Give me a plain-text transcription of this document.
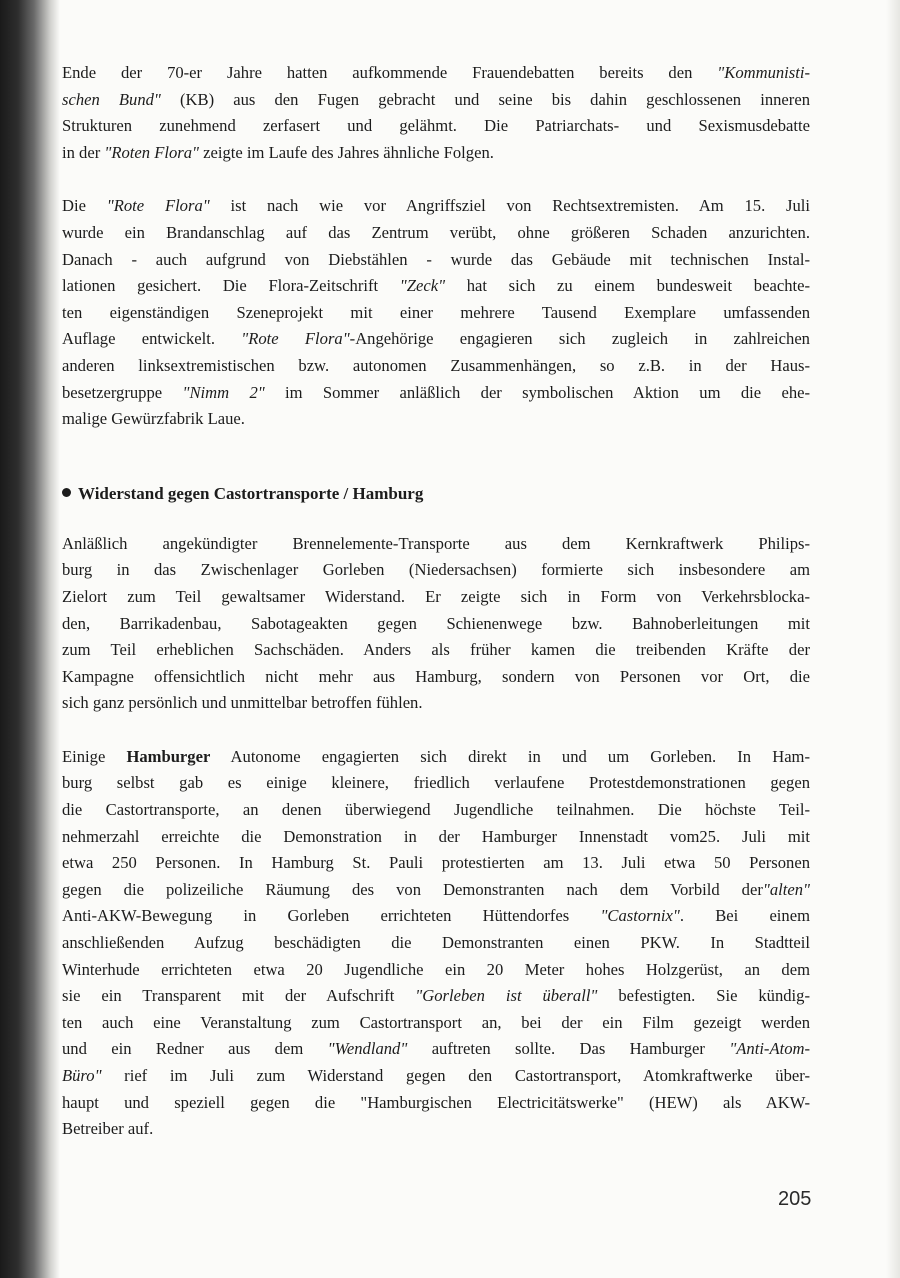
Ende der 70-er Jahre hatten aufkommende Frauendebatten bereits den "Kommunisti-
schen Bund" (KB) aus den Fugen gebracht und seine bis dahin geschlossenen inneren
Strukturen zunehmend zerfasert und gelähmt. Die Patriarchats- und Sexismusdebatte
in der "Roten Flora" zeigte im Laufe des Jahres ähnliche Folgen.
Die "Rote Flora" ist nach wie vor Angriffsziel von Rechtsextremisten. Am 15. Juli
wurde ein Brandanschlag auf das Zentrum verübt, ohne größeren Schaden anzurichten.
Danach - auch aufgrund von Diebstählen - wurde das Gebäude mit technischen Instal-
lationen gesichert. Die Flora-Zeitschrift "Zeck" hat sich zu einem bundesweit beachte-
ten eigenständigen Szeneprojekt mit einer mehrere Tausend Exemplare umfassenden
Auflage entwickelt. "Rote Flora"-Angehörige engagieren sich zugleich in zahlreichen
anderen linksextremistischen bzw. autonomen Zusammenhängen, so z.B. in der Haus-
besetzergruppe "Nimm 2" im Sommer anläßlich der symbolischen Aktion um die ehe-
malige Gewürzfabrik Laue.
Widerstand gegen Castortransporte / Hamburg
Anläßlich angekündigter Brennelemente-Transporte aus dem Kernkraftwerk Philips-
burg in das Zwischenlager Gorleben (Niedersachsen) formierte sich insbesondere am
Zielort zum Teil gewaltsamer Widerstand. Er zeigte sich in Form von Verkehrsblocka-
den, Barrikadenbau, Sabotageakten gegen Schienenwege bzw. Bahnoberleitungen mit
zum Teil erheblichen Sachschäden. Anders als früher kamen die treibenden Kräfte der
Kampagne offensichtlich nicht mehr aus Hamburg, sondern von Personen vor Ort, die
sich ganz persönlich und unmittelbar betroffen fühlen.
Einige Hamburger Autonome engagierten sich direkt in und um Gorleben. In Ham-
burg selbst gab es einige kleinere, friedlich verlaufene Protestdemonstrationen gegen
die Castortransporte, an denen überwiegend Jugendliche teilnahmen. Die höchste Teil-
nehmerzahl erreichte die Demonstration in der Hamburger Innenstadt vom25. Juli mit
etwa 250 Personen. In Hamburg St. Pauli protestierten am 13. Juli etwa 50 Personen
gegen die polizeiliche Räumung des von Demonstranten nach dem Vorbild der"alten"
Anti-AKW-Bewegung in Gorleben errichteten Hüttendorfes "Castornix". Bei einem
anschließenden Aufzug beschädigten die Demonstranten einen PKW. In Stadtteil
Winterhude errichteten etwa 20 Jugendliche ein 20 Meter hohes Holzgerüst, an dem
sie ein Transparent mit der Aufschrift "Gorleben ist überall" befestigten. Sie kündig-
ten auch eine Veranstaltung zum Castortransport an, bei der ein Film gezeigt werden
und ein Redner aus dem "Wendland" auftreten sollte. Das Hamburger "Anti-Atom-
Büro" rief im Juli zum Widerstand gegen den Castortransport, Atomkraftwerke über-
haupt und speziell gegen die "Hamburgischen Electricitätswerke" (HEW) als AKW-
Betreiber auf.
205
